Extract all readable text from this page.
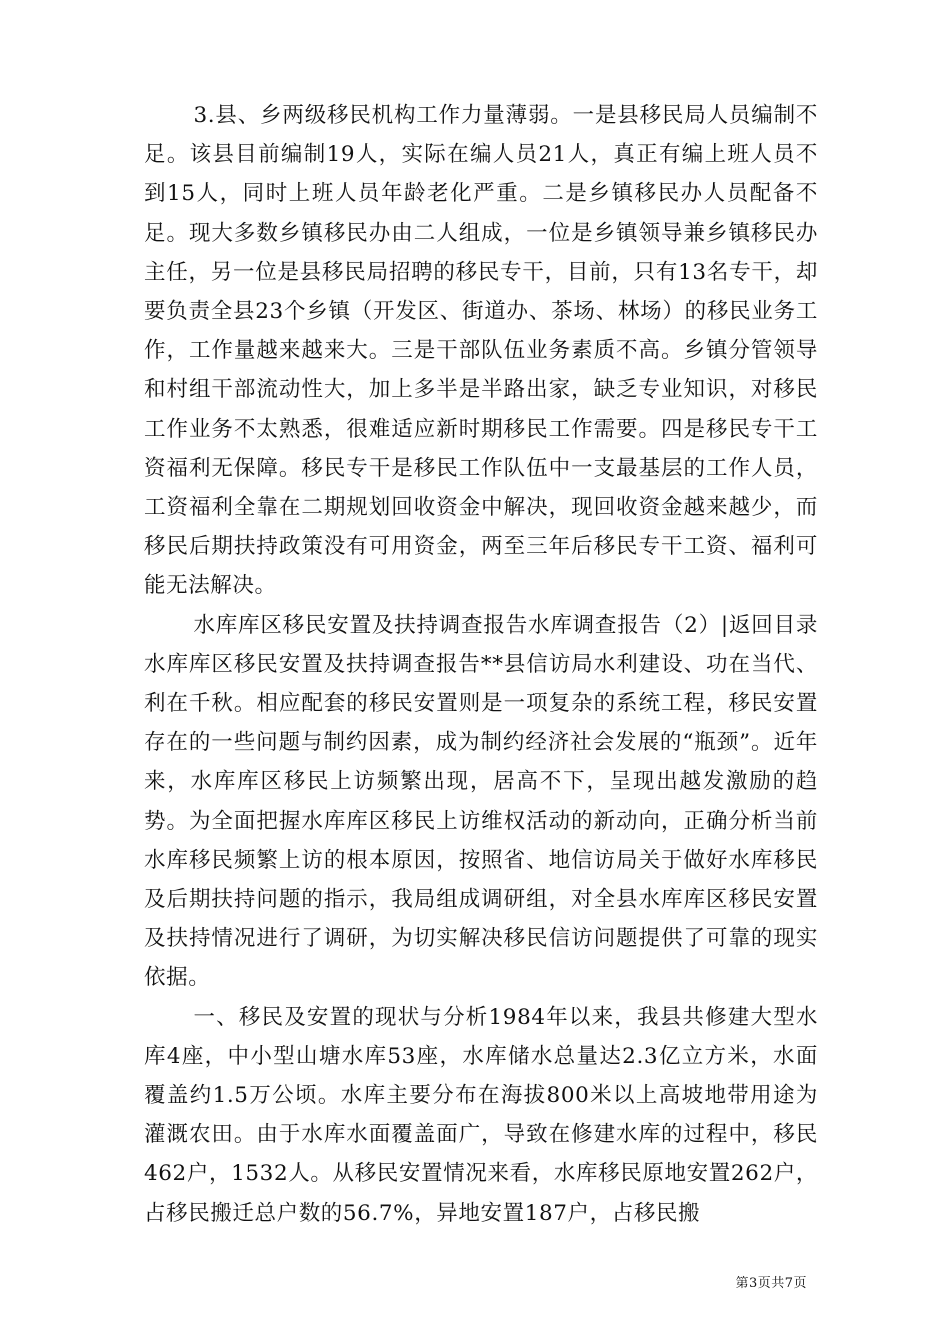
3.县、乡两级移民机构工作力量薄弱。一是县移民局人员编制不足。该县目前编制19人，实际在编人员21人，真正有编上班人员不到15人，同时上班人员年龄老化严重。二是乡镇移民办人员配备不足。现大多数乡镇移民办由二人组成，一位是乡镇领导兼乡镇移民办主任，另一位是县移民局招聘的移民专干，目前，只有13名专干，却要负责全县23个乡镇（开发区、街道办、茶场、林场）的移民业务工作，工作量越来越来大。三是干部队伍业务素质不高。乡镇分管领导和村组干部流动性大，加上多半是半路出家，缺乏专业知识，对移民工作业务不太熟悉，很难适应新时期移民工作需要。四是移民专干工资福利无保障。移民专干是移民工作队伍中一支最基层的工作人员，工资福利全靠在二期规划回收资金中解决，现回收资金越来越少，而移民后期扶持政策没有可用资金，两至三年后移民专干工资、福利可能无法解决。

水库库区移民安置及扶持调查报告水库调查报告（2）|返回目录水库库区移民安置及扶持调查报告**县信访局水利建设、功在当代、利在千秋。相应配套的移民安置则是一项复杂的系统工程，移民安置存在的一些问题与制约因素，成为制约经济社会发展的“瓶颈”。近年来，水库库区移民上访频繁出现，居高不下，呈现出越发激励的趋势。为全面把握水库库区移民上访维权活动的新动向，正确分析当前水库移民频繁上访的根本原因，按照省、地信访局关于做好水库移民及后期扶持问题的指示，我局组成调研组，对全县水库库区移民安置及扶持情况进行了调研，为切实解决移民信访问题提供了可靠的现实依据。

一、移民及安置的现状与分析1984年以来，我县共修建大型水库4座，中小型山塘水库53座，水库储水总量达2.3亿立方米，水面覆盖约1.5万公顷。水库主要分布在海拔800米以上高坡地带用途为灌溉农田。由于水库水面覆盖面广，导致在修建水库的过程中，移民462户，1532人。从移民安置情况来看，水库移民原地安置262户，占移民搬迁总户数的56.7%，异地安置187户，占移民搬

第3页共7页
